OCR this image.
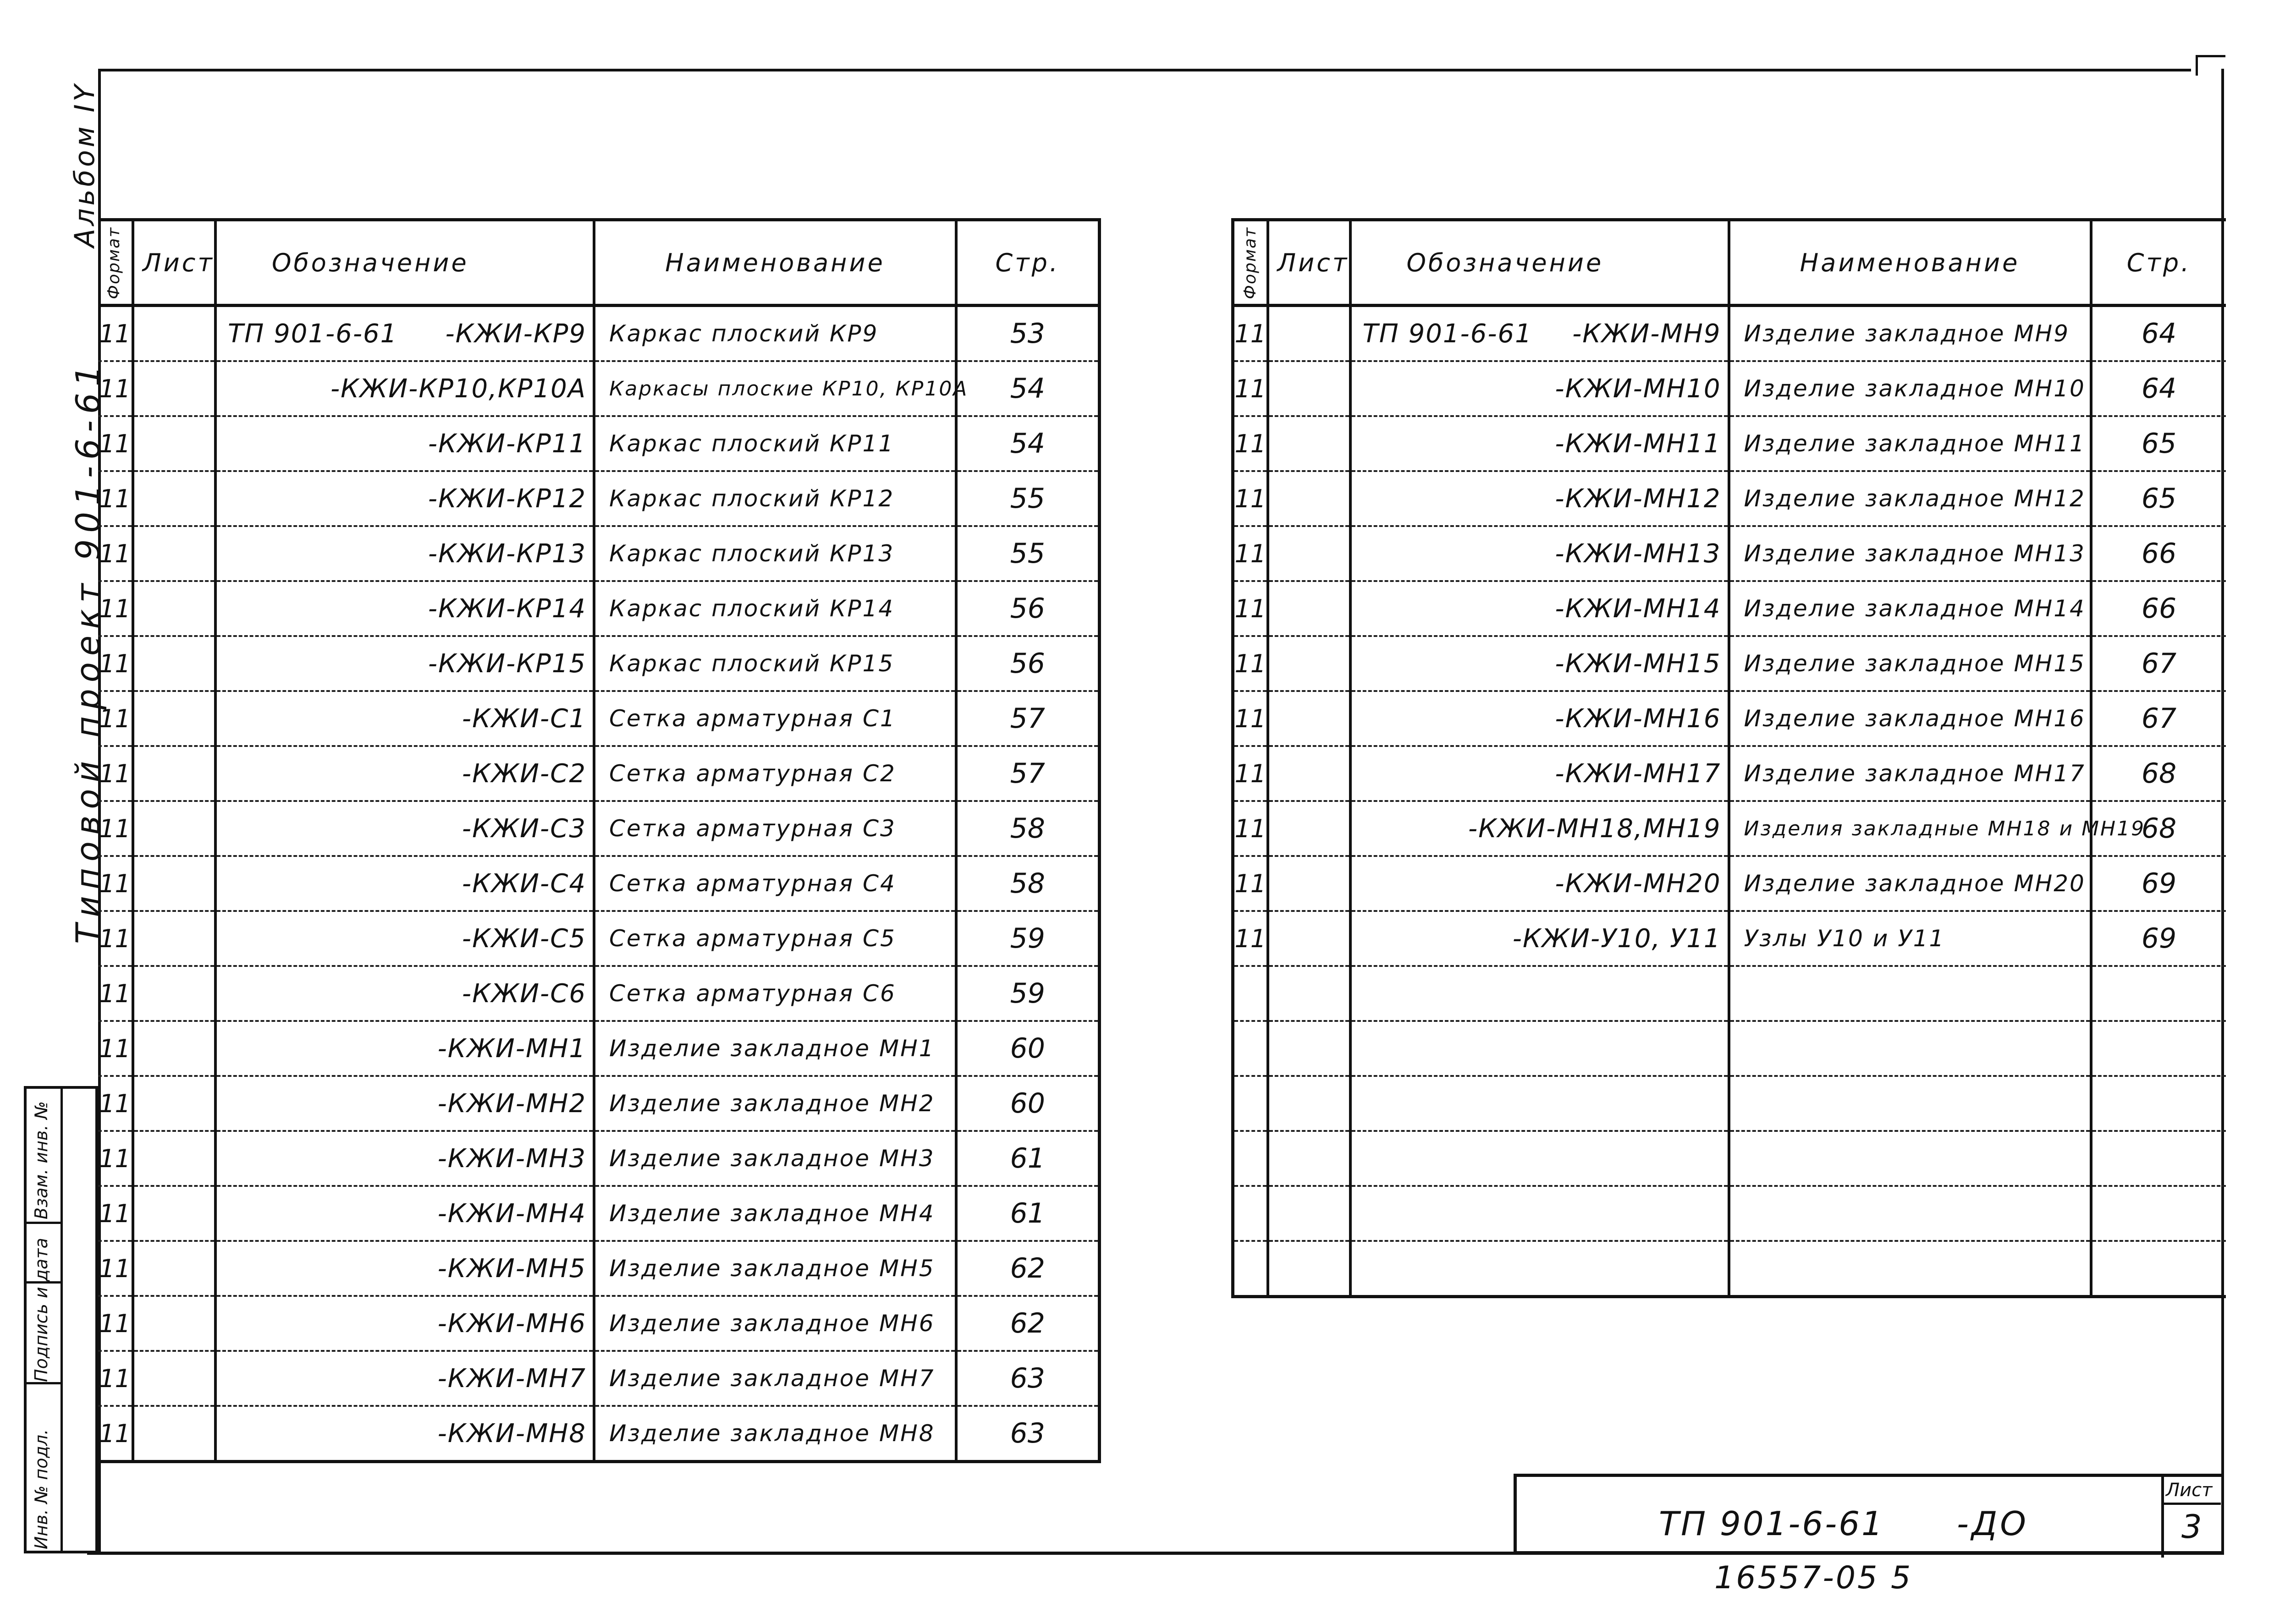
Альбом IY
Типовой проект 901-6-61
Инв. № подл.
Подпись и дата
Взам. инв. №
Формат	Лист	Обозначение	Наименование	Стр.

11		ТП 901-6-61 -КЖИ-КР9	Каркас плоский КР9	53

11		-КЖИ-КР10,КР10А	Каркасы плоские КР10, КР10А	54

11		-КЖИ-КР11	Каркас плоский КР11	54

11		-КЖИ-КР12	Каркас плоский КР12	55

11		-КЖИ-КР13	Каркас плоский КР13	55

11		-КЖИ-КР14	Каркас плоский КР14	56

11		-КЖИ-КР15	Каркас плоский КР15	56

11		-КЖИ-С1	Сетка арматурная С1	57

11		-КЖИ-С2	Сетка арматурная С2	57

11		-КЖИ-С3	Сетка арматурная С3	58

11		-КЖИ-С4	Сетка арматурная С4	58

11		-КЖИ-С5	Сетка арматурная С5	59

11		-КЖИ-С6	Сетка арматурная С6	59

11		-КЖИ-МН1	Изделие закладное МН1	60

11		-КЖИ-МН2	Изделие закладное МН2	60

11		-КЖИ-МН3	Изделие закладное МН3	61

11		-КЖИ-МН4	Изделие закладное МН4	61

11		-КЖИ-МН5	Изделие закладное МН5	62

11		-КЖИ-МН6	Изделие закладное МН6	62

11		-КЖИ-МН7	Изделие закладное МН7	63

11		-КЖИ-МН8	Изделие закладное МН8	63
Формат	Лист	Обозначение	Наименование	Стр.

11		ТП 901-6-61 -КЖИ-МН9	Изделие закладное МН9	64

11		-КЖИ-МН10	Изделие закладное МН10	64

11		-КЖИ-МН11	Изделие закладное МН11	65

11		-КЖИ-МН12	Изделие закладное МН12	65

11		-КЖИ-МН13	Изделие закладное МН13	66

11		-КЖИ-МН14	Изделие закладное МН14	66

11		-КЖИ-МН15	Изделие закладное МН15	67

11		-КЖИ-МН16	Изделие закладное МН16	67

11		-КЖИ-МН17	Изделие закладное МН17	68

11		-КЖИ-МН18,МН19	Изделия закладные МН18 и МН19	68

11		-КЖИ-МН20	Изделие закладное МН20	69

11		-КЖИ-У10, У11	Узлы У10 и У11	69

ТП 901-6-61 -ДО
Лист
3
16557-05 5
